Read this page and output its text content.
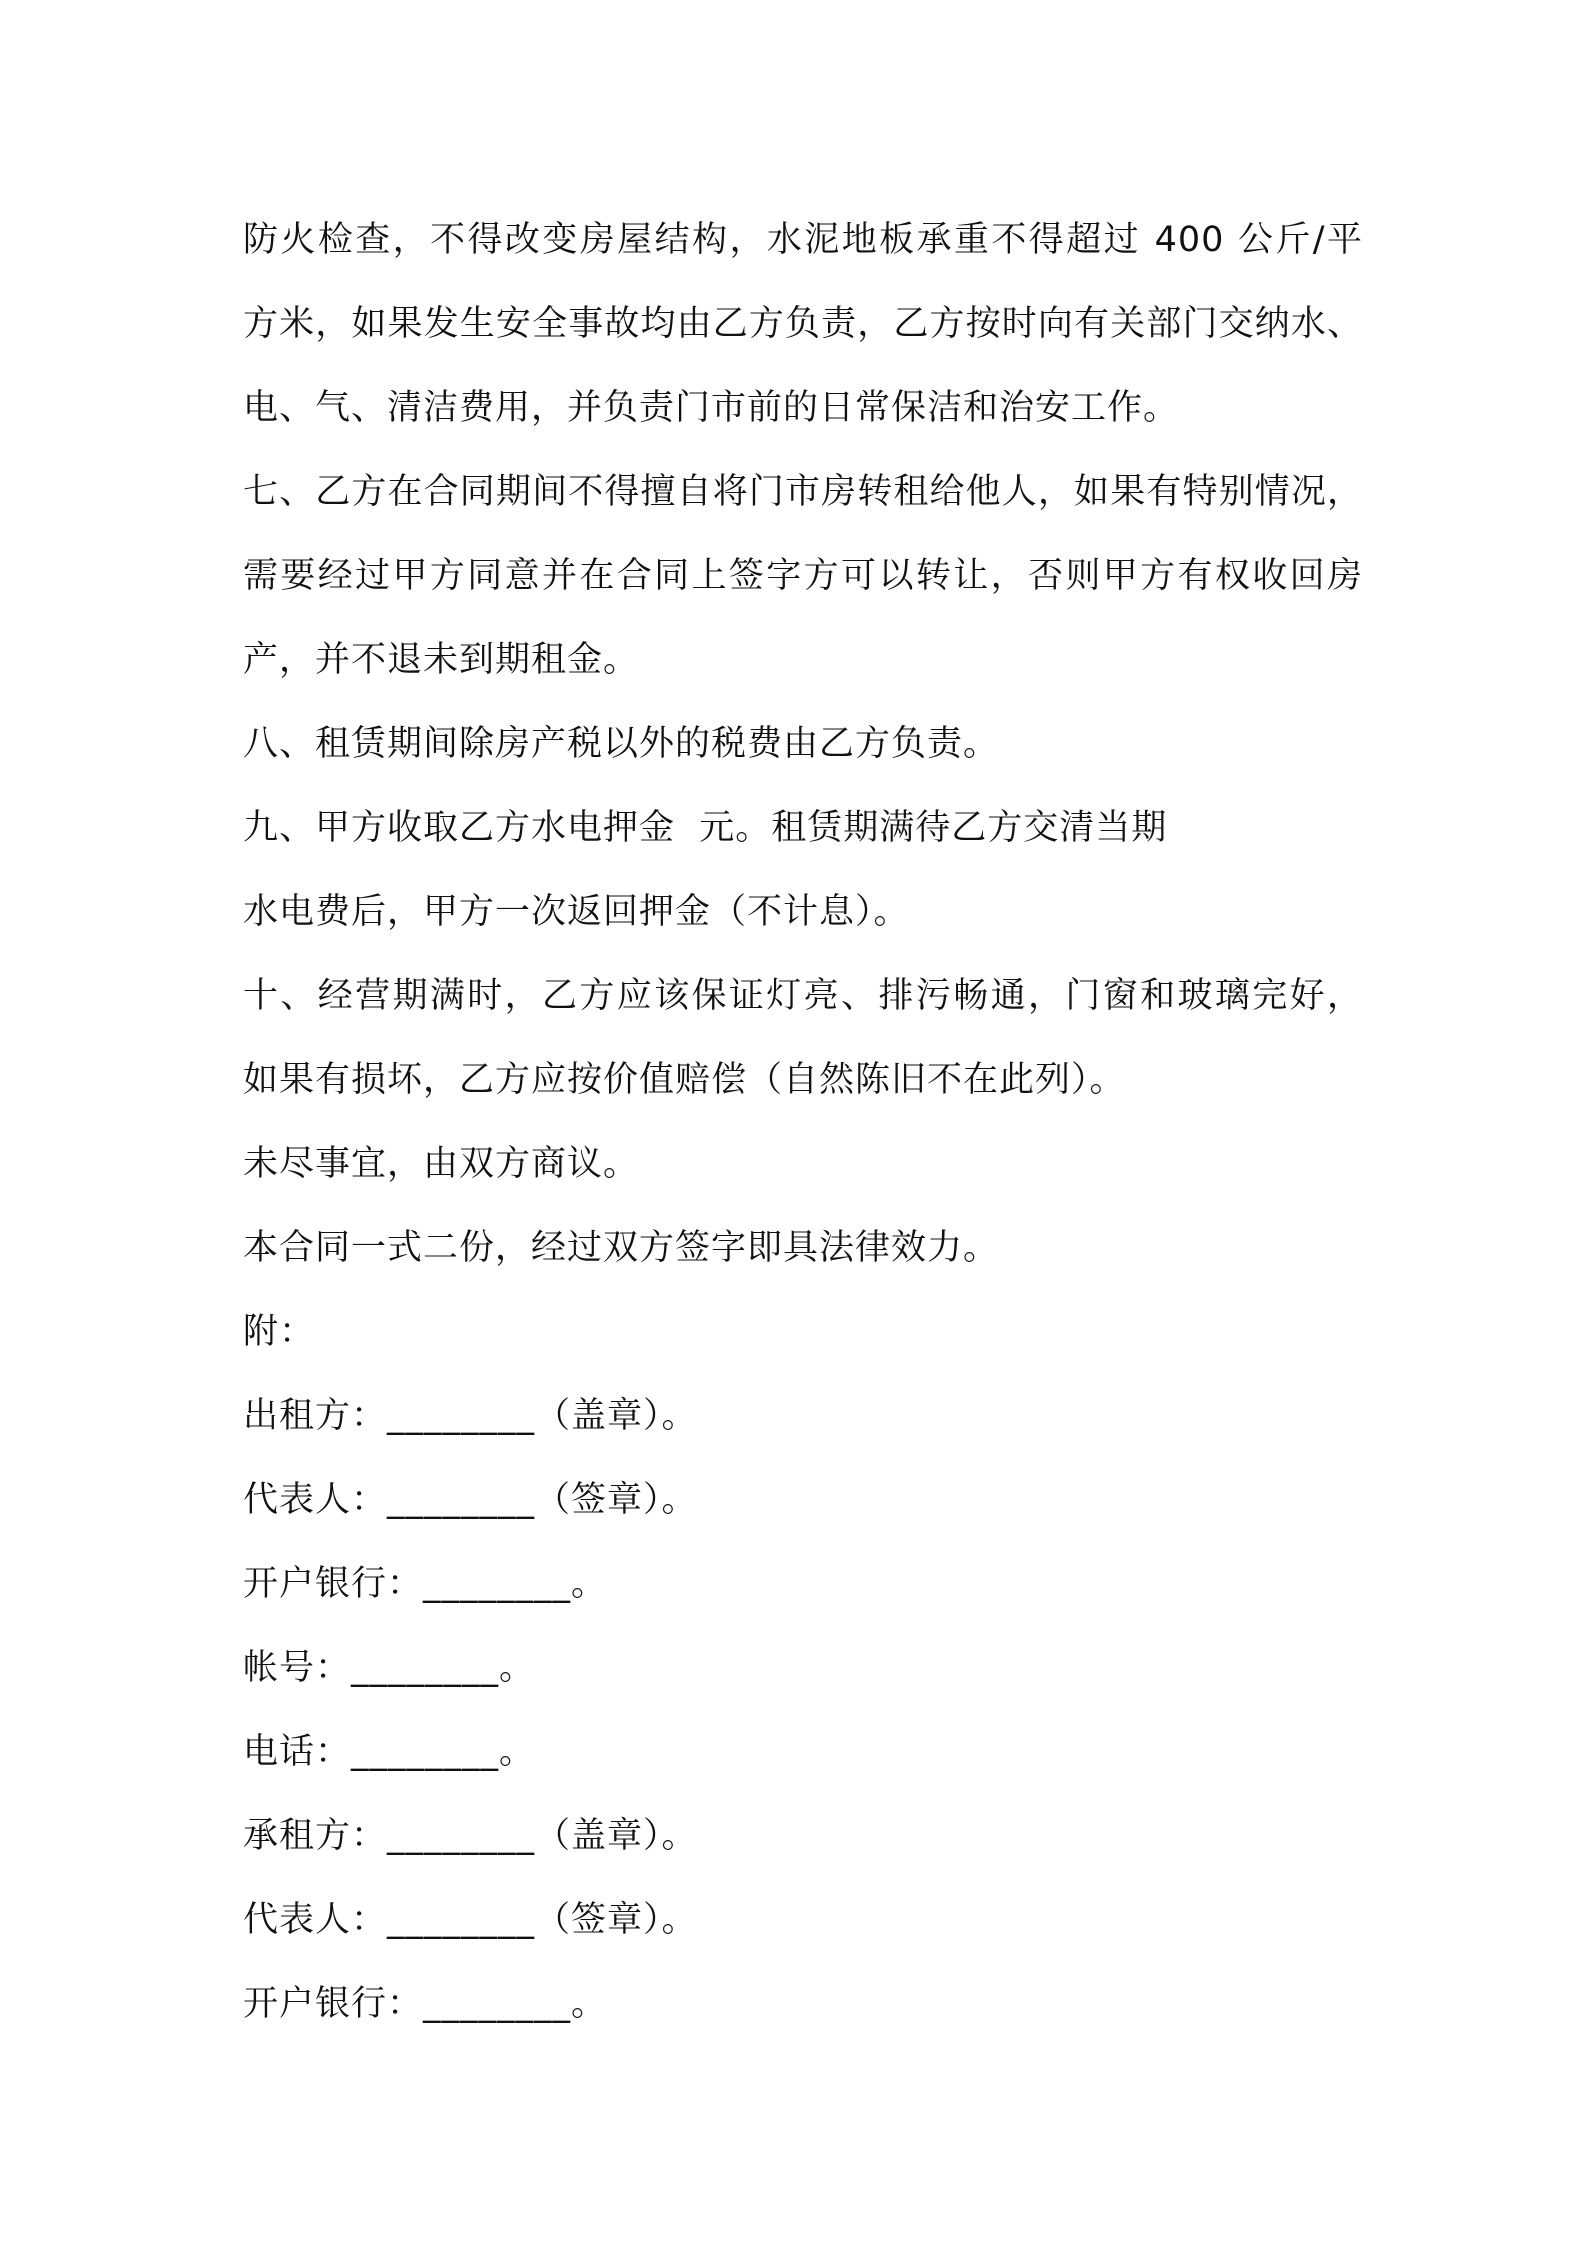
防火检查，不得改变房屋结构，水泥地板承重不得超过 400 公斤/平
方米，如果发生安全事故均由乙方负责，乙方按时向有关部门交纳水、
电、气、清洁费用，并负责门市前的日常保洁和治安工作。
七、乙方在合同期间不得擅自将门市房转租给他人，如果有特别情况，
需要经过甲方同意并在合同上签字方可以转让，否则甲方有权收回房
产，并不退未到期租金。
八、租赁期间除房产税以外的税费由乙方负责。
九、甲方收取乙方水电押金  元。租赁期满待乙方交清当期
水电费后，甲方一次返回押金（不计息）。
十、经营期满时，乙方应该保证灯亮、排污畅通，门窗和玻璃完好，
如果有损坏，乙方应按价值赔偿（自然陈旧不在此列）。
未尽事宜，由双方商议。
本合同一式二份，经过双方签字即具法律效力。
附：
出租方：________（盖章）。
代表人：________（签章）。
开户银行：________。
帐号：________。
电话：________。
承租方：________（盖章）。
代表人：________（签章）。
开户银行：________。
